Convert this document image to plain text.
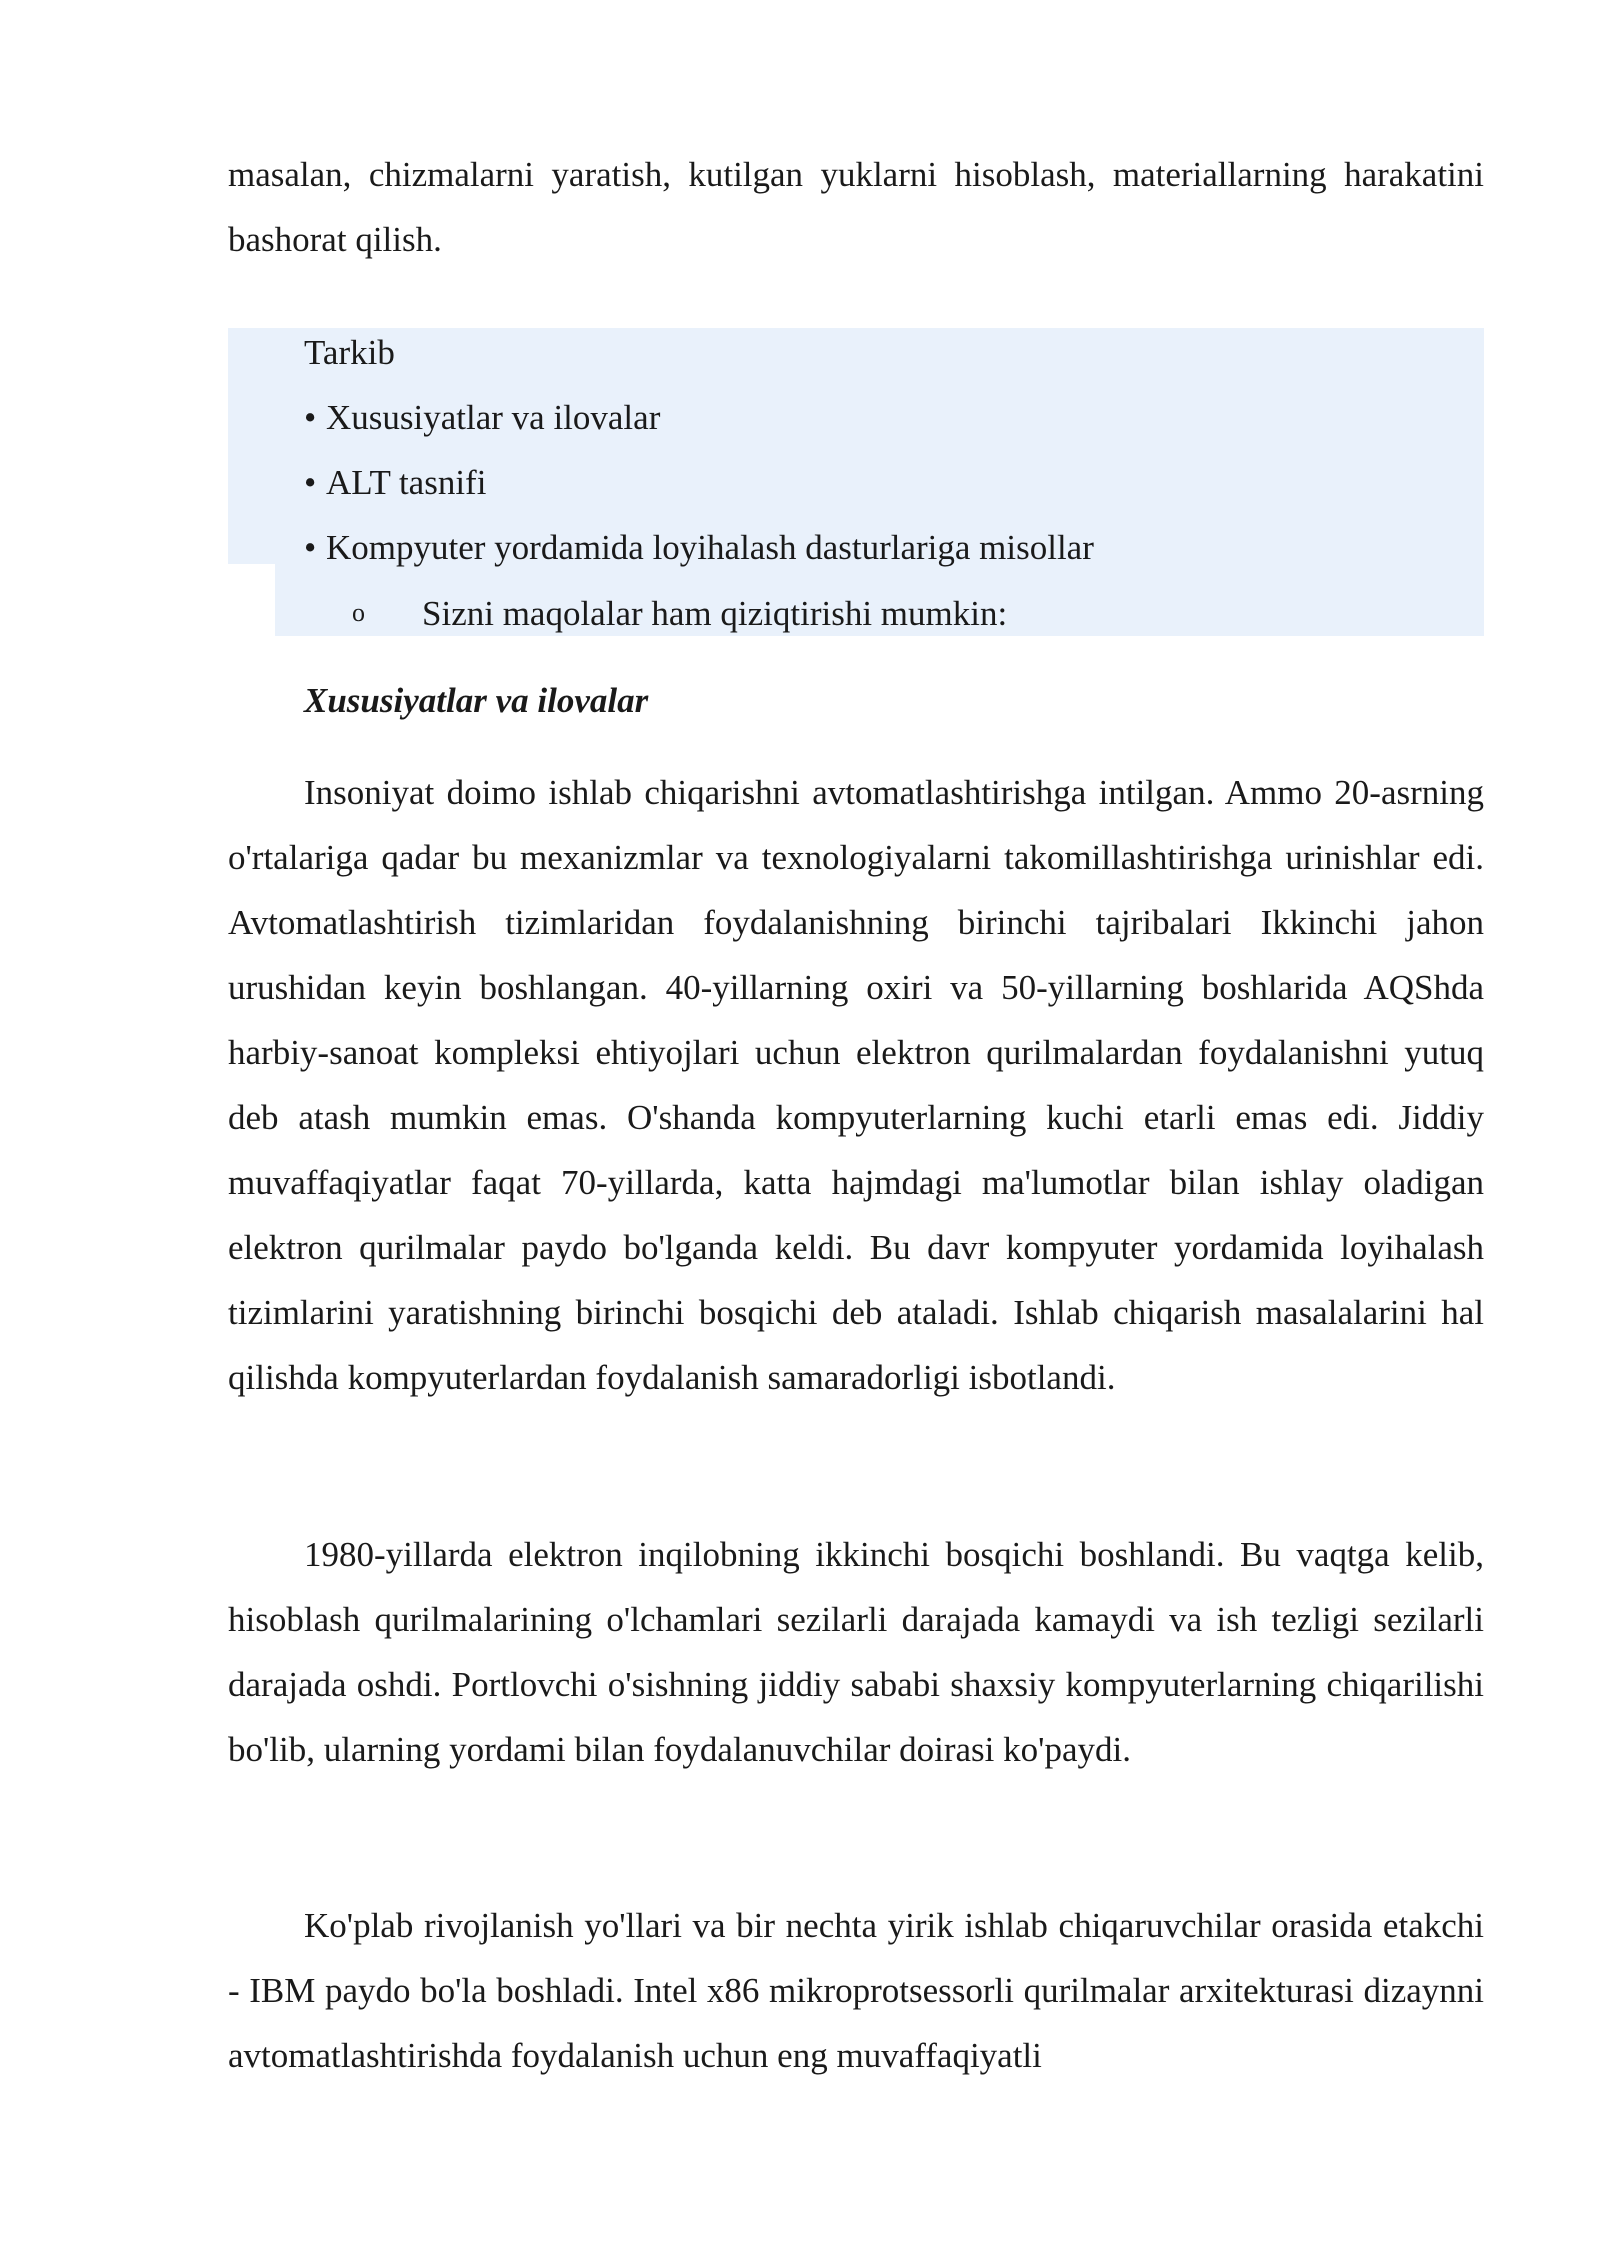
masalan, chizmalarni yaratish, kutilgan yuklarni hisoblash, materiallarning harakatini bashorat qilish.

Tarkib
• Xususiyatlar va ilovalar
• ALT tasnifi
• Kompyuter yordamida loyihalash dasturlariga misollar
o Sizni maqolalar ham qiziqtirishi mumkin:
Xususiyatlar va ilovalar

Insoniyat doimo ishlab chiqarishni avtomatlashtirishga intilgan. Ammo 20-asrning o'rtalariga qadar bu mexanizmlar va texnologiyalarni takomillashtirishga urinishlar edi. Avtomatlashtirish tizimlaridan foydalanishning birinchi tajribalari Ikkinchi jahon urushidan keyin boshlangan. 40-yillarning oxiri va 50-yillarning boshlarida AQShda harbiy-sanoat kompleksi ehtiyojlari uchun elektron qurilmalardan foydalanishni yutuq deb atash mumkin emas. O'shanda kompyuterlarning kuchi etarli emas edi. Jiddiy muvaffaqiyatlar faqat 70-yillarda, katta hajmdagi ma'lumotlar bilan ishlay oladigan elektron qurilmalar paydo bo'lganda keldi. Bu davr kompyuter yordamida loyihalash tizimlarini yaratishning birinchi bosqichi deb ataladi. Ishlab chiqarish masalalarini hal qilishda kompyuterlardan foydalanish samaradorligi isbotlandi.

1980-yillarda elektron inqilobning ikkinchi bosqichi boshlandi. Bu vaqtga kelib, hisoblash qurilmalarining o'lchamlari sezilarli darajada kamaydi va ish tezligi sezilarli darajada oshdi. Portlovchi o'sishning jiddiy sababi shaxsiy kompyuterlarning chiqarilishi bo'lib, ularning yordami bilan foydalanuvchilar doirasi ko'paydi.

Ko'plab rivojlanish yo'llari va bir nechta yirik ishlab chiqaruvchilar orasida etakchi - IBM paydo bo'la boshladi. Intel x86 mikroprotsessorli qurilmalar arxitekturasi dizaynni avtomatlashtirishda foydalanish uchun eng muvaffaqiyatli
